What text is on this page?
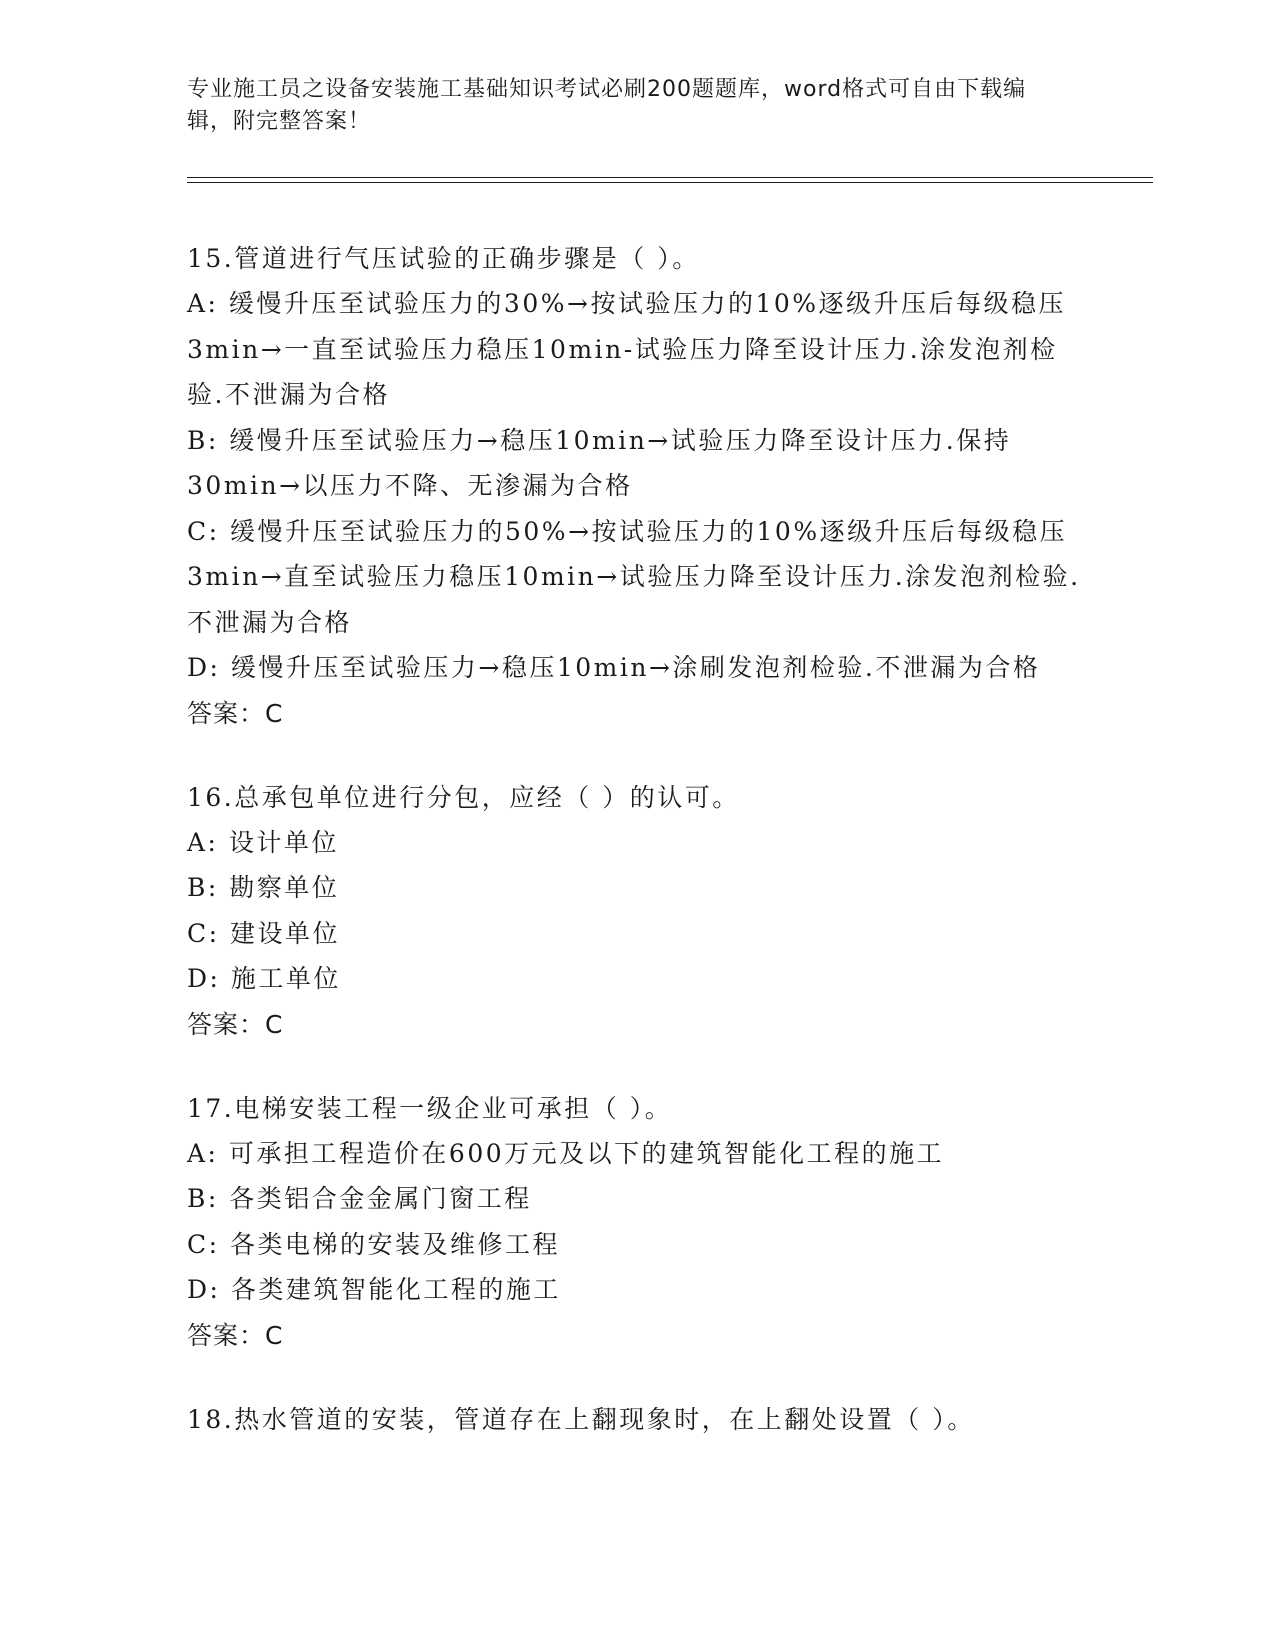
专业施工员之设备安装施工基础知识考试必刷200题题库，word格式可自由下载编辑，附完整答案！
15.管道进行气压试验的正确步骤是（ ）。
A: 缓慢升压至试验压力的30%→按试验压力的10%逐级升压后每级稳压3min→一直至试验压力稳压10min-试验压力降至设计压力.涂发泡剂检验.不泄漏为合格
B: 缓慢升压至试验压力→稳压10min→试验压力降至设计压力.保持30min→以压力不降、无渗漏为合格
C: 缓慢升压至试验压力的50%→按试验压力的10%逐级升压后每级稳压3min→直至试验压力稳压10min→试验压力降至设计压力.涂发泡剂检验.不泄漏为合格
D: 缓慢升压至试验压力→稳压10min→涂刷发泡剂检验.不泄漏为合格
答案：C
16.总承包单位进行分包，应经（ ）的认可。
A: 设计单位
B: 勘察单位
C: 建设单位
D: 施工单位
答案：C
17.电梯安装工程一级企业可承担（ ）。
A: 可承担工程造价在600万元及以下的建筑智能化工程的施工
B: 各类铝合金金属门窗工程
C: 各类电梯的安装及维修工程
D: 各类建筑智能化工程的施工
答案：C
18.热水管道的安装，管道存在上翻现象时，在上翻处设置（ ）。
